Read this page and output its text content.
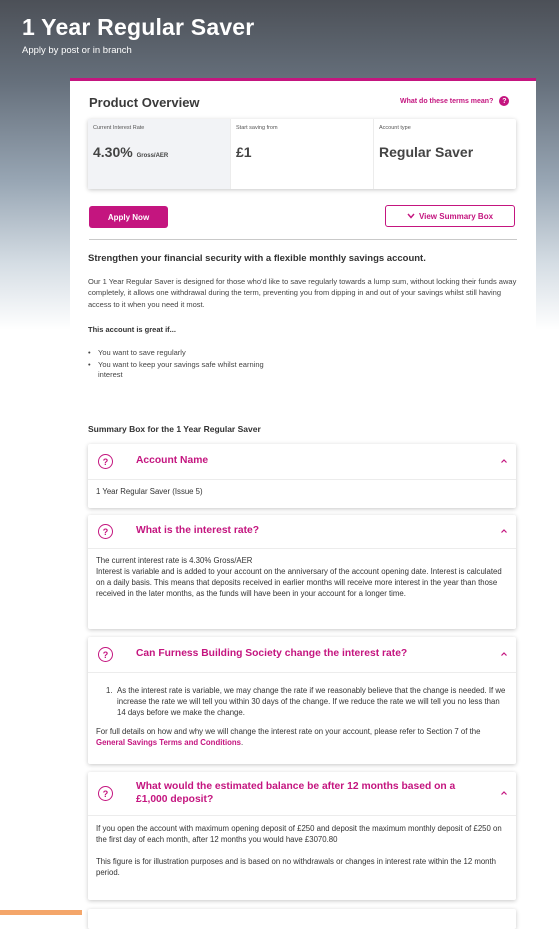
1 Year Regular Saver
Apply by post or in branch
Product Overview	What do these terms mean?	?
Current Interest Rate
4.30% Gross/AER
Start saving from
£1
Account type
Regular Saver
Apply Now	View Summary Box
Strengthen your financial security with a flexible monthly savings account.
Our 1 Year Regular Saver is designed for those who'd like to save regularly towards a lump sum, without locking their funds away completely, it allows one withdrawal during the term, preventing you from dipping in and out of your savings whilst still having access to it when you need it most.
This account is great if...
• You want to save regularly
• You want to keep your savings safe whilst earning interest
Summary Box for the 1 Year Regular Saver
?	Account Name

1 Year Regular Saver (Issue 5)

?	What is the interest rate?

The current interest rate is 4.30% Gross/AER

Interest is variable and is added to your account on the anniversary of the account opening date. Interest is calculated on a daily basis. This means that deposits received in earlier months will receive more interest in the year than those received in the later months, as the funds will have been in your account for a longer time.

?	Can Furness Building Society change the interest rate?
1. As the interest rate is variable, we may change the rate if we reasonably believe that the change is needed. If we increase the rate we will tell you within 30 days of the change. If we reduce the rate we will tell you no less than 14 days before we make the change.

For full details on how and why we will change the interest rate on your account, please refer to Section 7 of the General Savings Terms and Conditions.

?
What would the estimated balance be after 12 months based on a £1,000 deposit?

If you open the account with maximum opening deposit of £250 and deposit the maximum monthly deposit of £250 on the first day of each month, after 12 months you would have £3070.80

This figure is for illustration purposes and is based on no withdrawals or changes in interest rate within the 12 month period.
